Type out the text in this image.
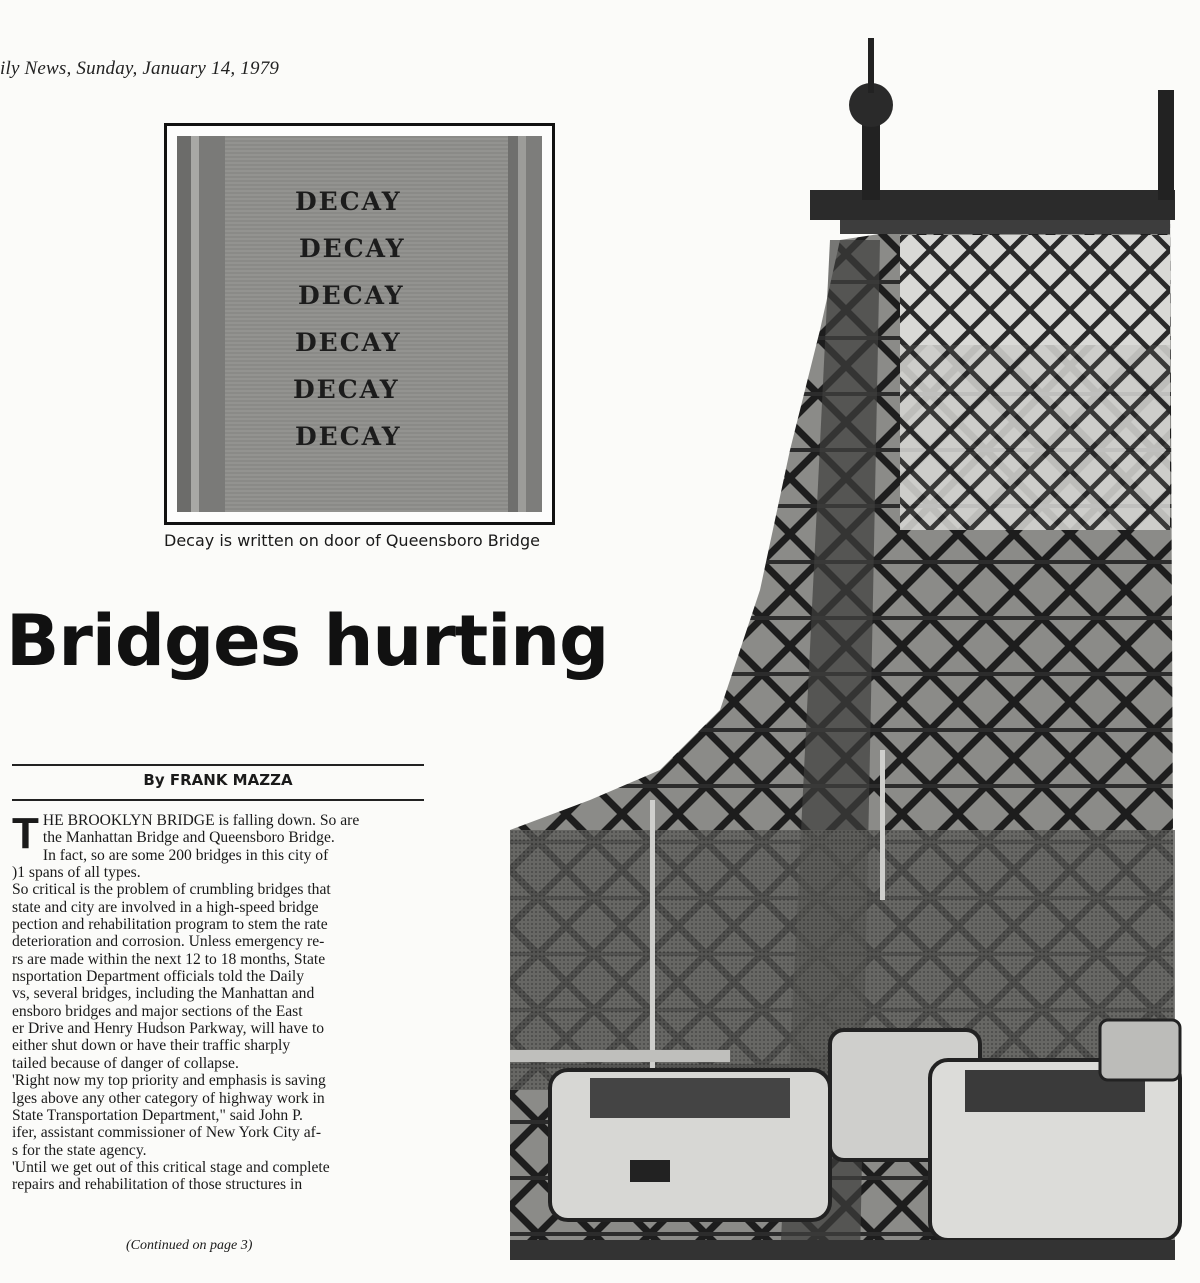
ily News, Sunday, January 14, 1979
DECAY
DECAY
DECAY
DECAY
DECAY
DECAY
Decay is written on door of Queensboro Bridge
Bridges hurting
By FRANK MAZZA
T HE BROOKLYN BRIDGE is falling down. So are

the Manhattan Bridge and Queensboro Bridge.

In fact, so are some 200 bridges in this city of

)1 spans of all types.

So critical is the problem of crumbling bridges that

state and city are involved in a high-speed bridge

pection and rehabilitation program to stem the rate

deterioration and corrosion. Unless emergency re-

rs are made within the next 12 to 18 months, State

nsportation Department officials told the Daily

vs, several bridges, including the Manhattan and

ensboro bridges and major sections of the East

er Drive and Henry Hudson Parkway, will have to

either shut down or have their traffic sharply

tailed because of danger of collapse.

'Right now my top priority and emphasis is saving

lges above any other category of highway work in

State Transportation Department," said John P.

ifer, assistant commissioner of New York City af-

s for the state agency.

'Until we get out of this critical stage and complete

repairs and rehabilitation of those structures in

(Continued on page 3)
